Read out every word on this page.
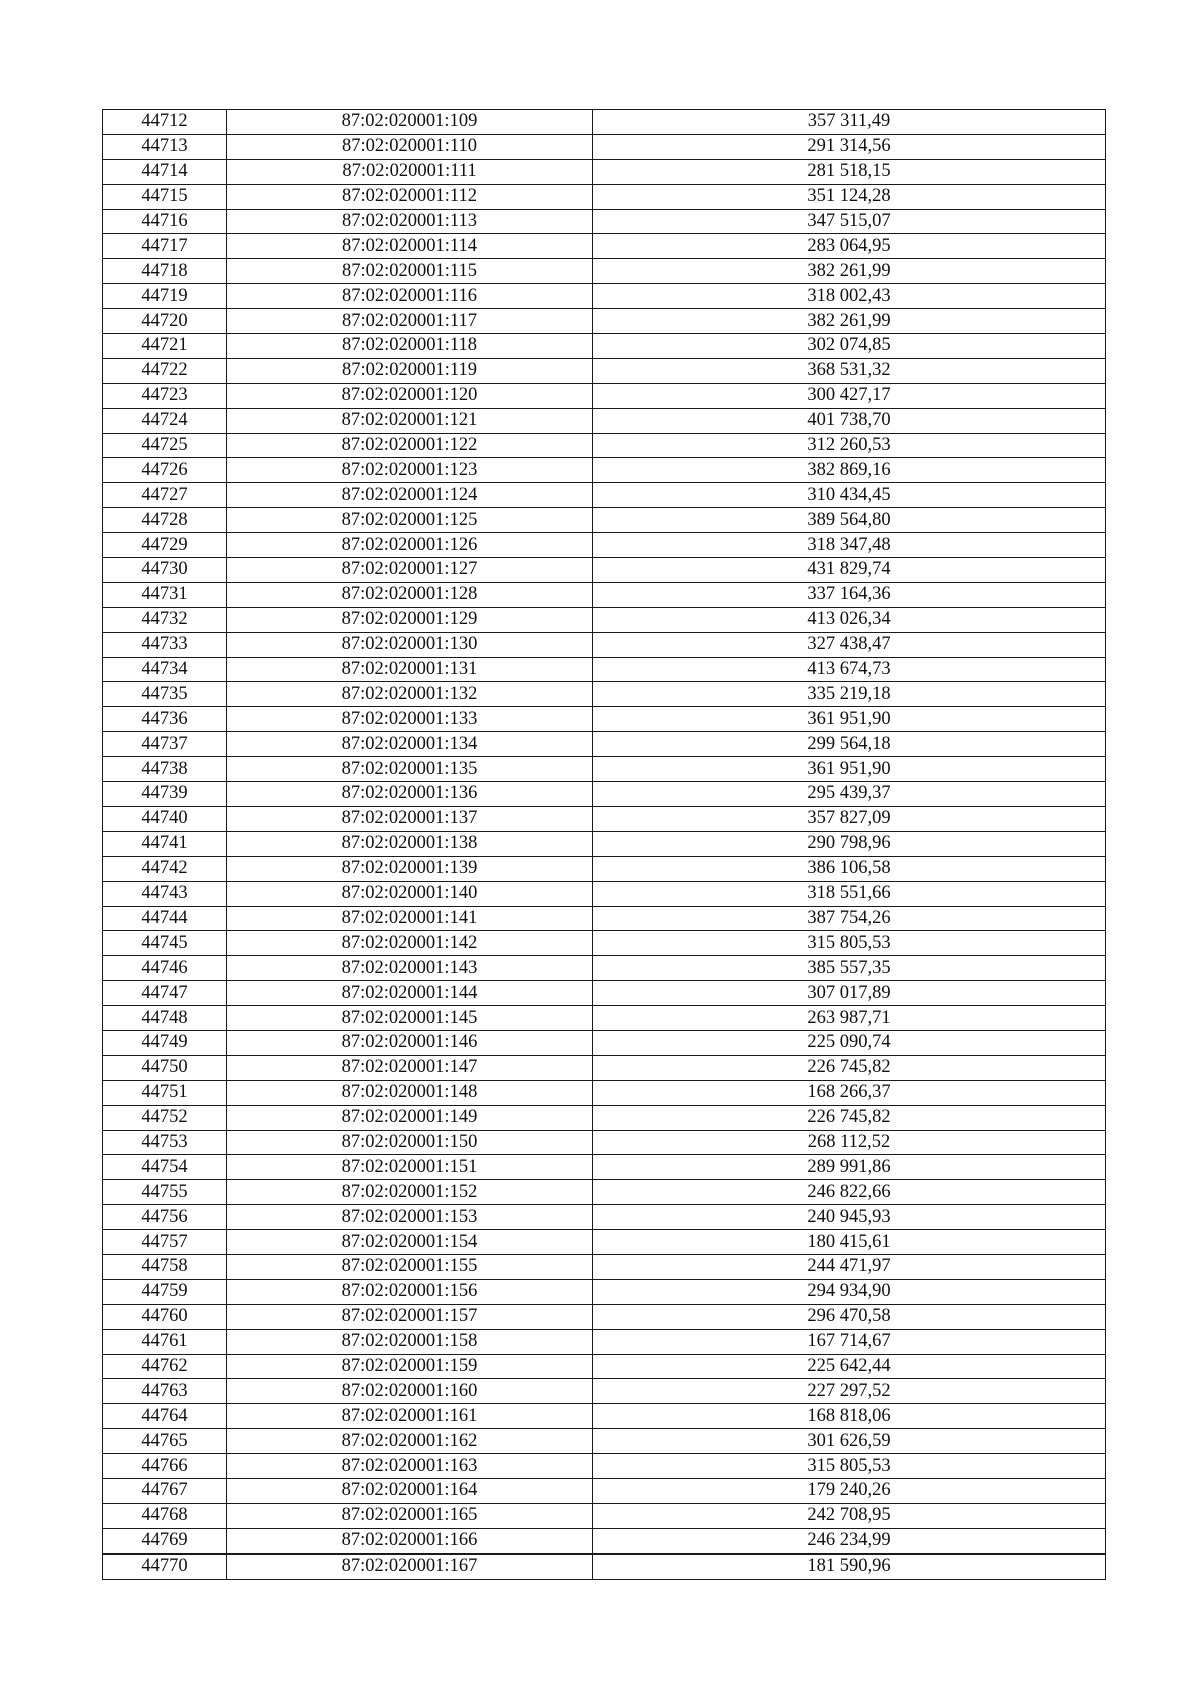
44712	87:02:020001:109	357 311,49
44713	87:02:020001:110	291 314,56
44714	87:02:020001:111	281 518,15
44715	87:02:020001:112	351 124,28
44716	87:02:020001:113	347 515,07
44717	87:02:020001:114	283 064,95
44718	87:02:020001:115	382 261,99
44719	87:02:020001:116	318 002,43
44720	87:02:020001:117	382 261,99
44721	87:02:020001:118	302 074,85
44722	87:02:020001:119	368 531,32
44723	87:02:020001:120	300 427,17
44724	87:02:020001:121	401 738,70
44725	87:02:020001:122	312 260,53
44726	87:02:020001:123	382 869,16
44727	87:02:020001:124	310 434,45
44728	87:02:020001:125	389 564,80
44729	87:02:020001:126	318 347,48
44730	87:02:020001:127	431 829,74
44731	87:02:020001:128	337 164,36
44732	87:02:020001:129	413 026,34
44733	87:02:020001:130	327 438,47
44734	87:02:020001:131	413 674,73
44735	87:02:020001:132	335 219,18
44736	87:02:020001:133	361 951,90
44737	87:02:020001:134	299 564,18
44738	87:02:020001:135	361 951,90
44739	87:02:020001:136	295 439,37
44740	87:02:020001:137	357 827,09
44741	87:02:020001:138	290 798,96
44742	87:02:020001:139	386 106,58
44743	87:02:020001:140	318 551,66
44744	87:02:020001:141	387 754,26
44745	87:02:020001:142	315 805,53
44746	87:02:020001:143	385 557,35
44747	87:02:020001:144	307 017,89
44748	87:02:020001:145	263 987,71
44749	87:02:020001:146	225 090,74
44750	87:02:020001:147	226 745,82
44751	87:02:020001:148	168 266,37
44752	87:02:020001:149	226 745,82
44753	87:02:020001:150	268 112,52
44754	87:02:020001:151	289 991,86
44755	87:02:020001:152	246 822,66
44756	87:02:020001:153	240 945,93
44757	87:02:020001:154	180 415,61
44758	87:02:020001:155	244 471,97
44759	87:02:020001:156	294 934,90
44760	87:02:020001:157	296 470,58
44761	87:02:020001:158	167 714,67
44762	87:02:020001:159	225 642,44
44763	87:02:020001:160	227 297,52
44764	87:02:020001:161	168 818,06
44765	87:02:020001:162	301 626,59
44766	87:02:020001:163	315 805,53
44767	87:02:020001:164	179 240,26
44768	87:02:020001:165	242 708,95
44769	87:02:020001:166	246 234,99
44770	87:02:020001:167	181 590,96
